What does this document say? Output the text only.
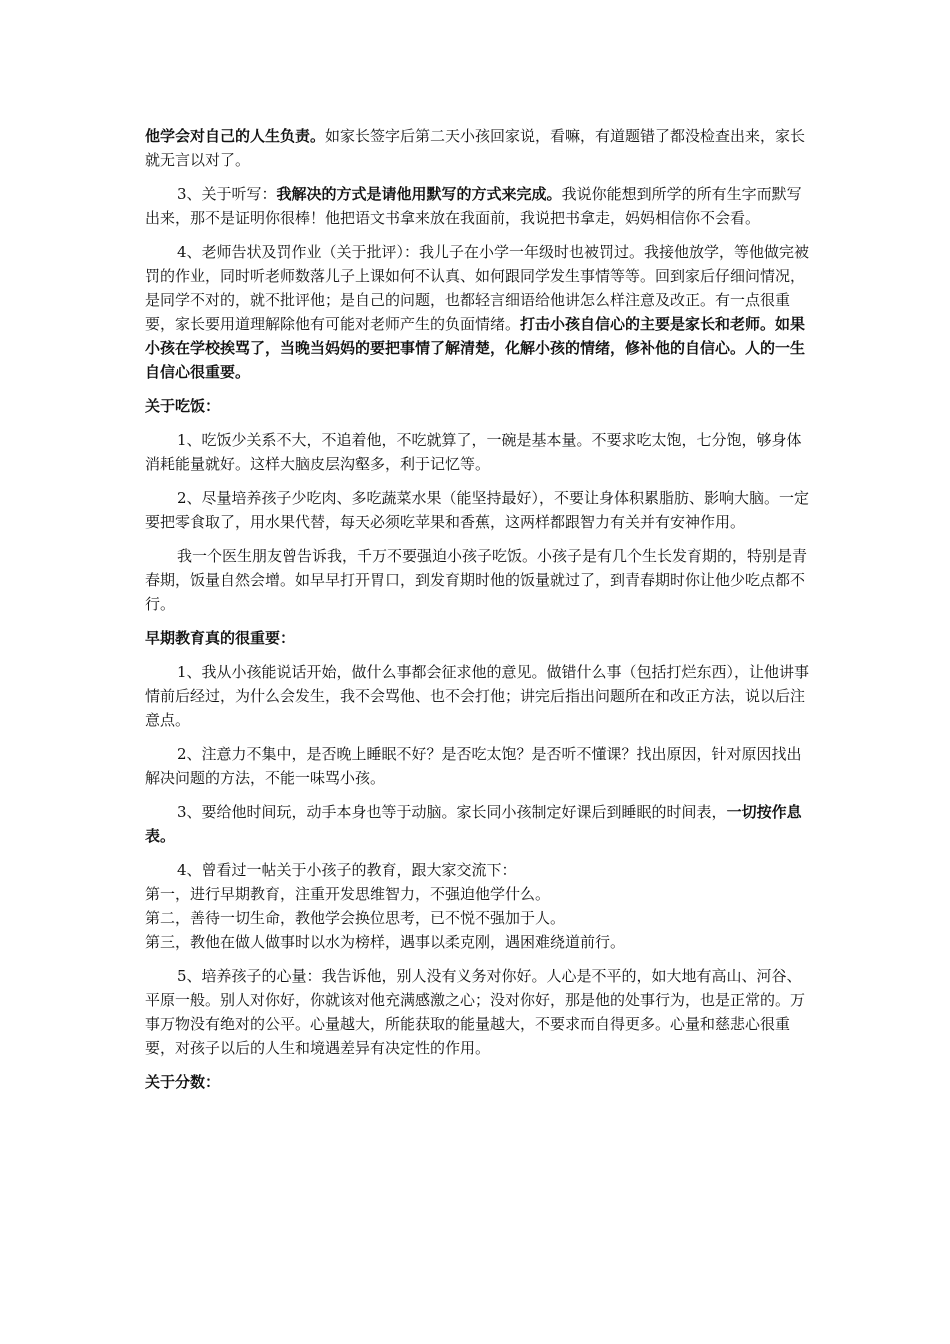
他学会对自己的人生负责。如家长签字后第二天小孩回家说，看嘛，有道题错了都没检查出来，家长就无言以对了。

3、关于听写：我解决的方式是请他用默写的方式来完成。我说你能想到所学的所有生字而默写出来，那不是证明你很棒！他把语文书拿来放在我面前，我说把书拿走，妈妈相信你不会看。

4、老师告状及罚作业（关于批评）：我儿子在小学一年级时也被罚过。我接他放学，等他做完被罚的作业，同时听老师数落儿子上课如何不认真、如何跟同学发生事情等等。回到家后仔细问情况，是同学不对的，就不批评他；是自己的问题，也都轻言细语给他讲怎么样注意及改正。有一点很重要，家长要用道理解除他有可能对老师产生的负面情绪。打击小孩自信心的主要是家长和老师。如果小孩在学校挨骂了，当晚当妈妈的要把事情了解清楚，化解小孩的情绪，修补他的自信心。人的一生自信心很重要。

关于吃饭：

1、吃饭少关系不大，不追着他，不吃就算了，一碗是基本量。不要求吃太饱，七分饱，够身体消耗能量就好。这样大脑皮层沟壑多，利于记忆等。

2、尽量培养孩子少吃肉、多吃蔬菜水果（能坚持最好），不要让身体积累脂肪、影响大脑。一定要把零食取了，用水果代替，每天必须吃苹果和香蕉，这两样都跟智力有关并有安神作用。

我一个医生朋友曾告诉我，千万不要强迫小孩子吃饭。小孩子是有几个生长发育期的，特别是青春期，饭量自然会增。如早早打开胃口，到发育期时他的饭量就过了，到青春期时你让他少吃点都不行。

早期教育真的很重要：

1、我从小孩能说话开始，做什么事都会征求他的意见。做错什么事（包括打烂东西），让他讲事情前后经过，为什么会发生，我不会骂他、也不会打他；讲完后指出问题所在和改正方法，说以后注意点。

2、注意力不集中，是否晚上睡眠不好？是否吃太饱？是否听不懂课？找出原因，针对原因找出解决问题的方法，不能一味骂小孩。

3、要给他时间玩，动手本身也等于动脑。家长同小孩制定好课后到睡眠的时间表，一切按作息表。

4、曾看过一帖关于小孩子的教育，跟大家交流下：

第一，进行早期教育，注重开发思维智力，不强迫他学什么。

第二，善待一切生命，教他学会换位思考，已不悦不强加于人。

第三，教他在做人做事时以水为榜样，遇事以柔克刚，遇困难绕道前行。

5、培养孩子的心量：我告诉他，别人没有义务对你好。人心是不平的，如大地有高山、河谷、平原一般。别人对你好，你就该对他充满感激之心；没对你好，那是他的处事行为，也是正常的。万事万物没有绝对的公平。心量越大，所能获取的能量越大，不要求而自得更多。心量和慈悲心很重要，对孩子以后的人生和境遇差异有决定性的作用。

关于分数：
